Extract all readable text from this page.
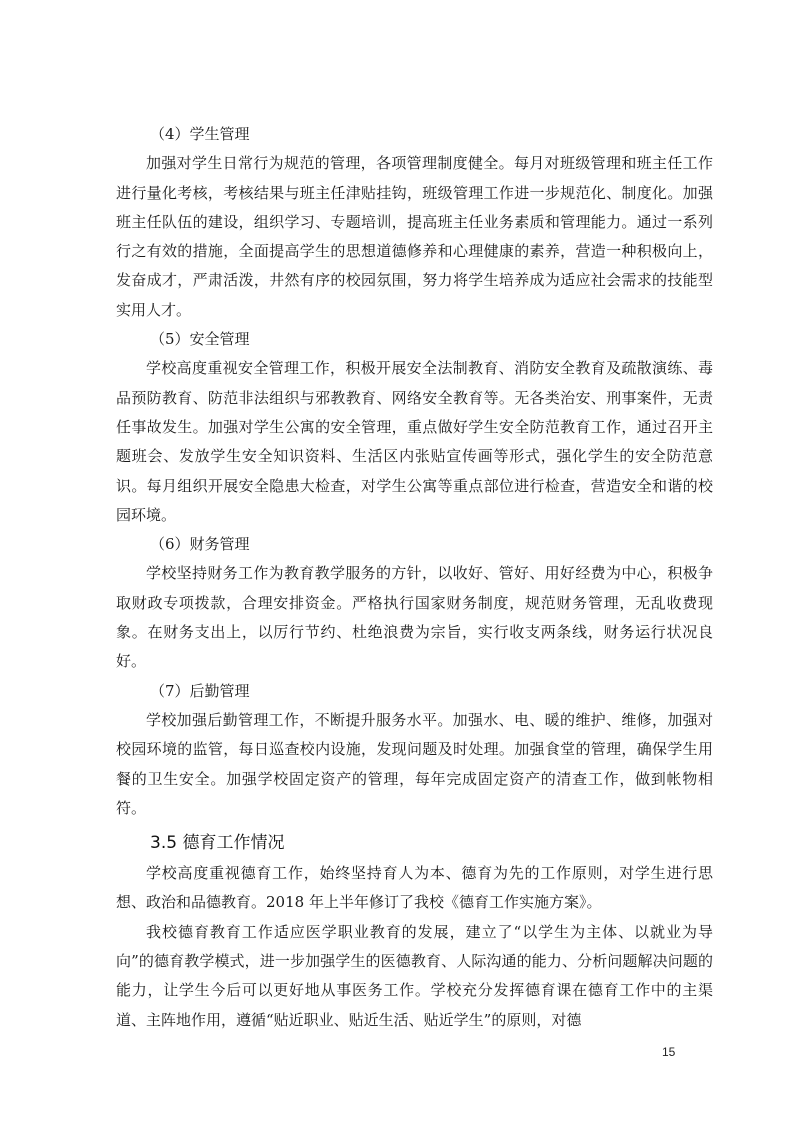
（4）学生管理

加强对学生日常行为规范的管理，各项管理制度健全。每月对班级管理和班主任工作进行量化考核，考核结果与班主任津贴挂钩，班级管理工作进一步规范化、制度化。加强班主任队伍的建设，组织学习、专题培训，提高班主任业务素质和管理能力。通过一系列行之有效的措施，全面提高学生的思想道德修养和心理健康的素养，营造一种积极向上，发奋成才，严肃活泼，井然有序的校园氛围，努力将学生培养成为适应社会需求的技能型实用人才。

（5）安全管理

学校高度重视安全管理工作，积极开展安全法制教育、消防安全教育及疏散演练、毒品预防教育、防范非法组织与邪教教育、网络安全教育等。无各类治安、刑事案件，无责任事故发生。加强对学生公寓的安全管理，重点做好学生安全防范教育工作，通过召开主题班会、发放学生安全知识资料、生活区内张贴宣传画等形式，强化学生的安全防范意识。每月组织开展安全隐患大检查，对学生公寓等重点部位进行检查，营造安全和谐的校园环境。

（6）财务管理

学校坚持财务工作为教育教学服务的方针，以收好、管好、用好经费为中心，积极争取财政专项拨款，合理安排资金。严格执行国家财务制度，规范财务管理，无乱收费现象。在财务支出上，以厉行节约、杜绝浪费为宗旨，实行收支两条线，财务运行状况良好。

（7）后勤管理

学校加强后勤管理工作，不断提升服务水平。加强水、电、暖的维护、维修，加强对校园环境的监管，每日巡查校内设施，发现问题及时处理。加强食堂的管理，确保学生用餐的卫生安全。加强学校固定资产的管理，每年完成固定资产的清查工作，做到帐物相符。

3.5 德育工作情况

学校高度重视德育工作，始终坚持育人为本、德育为先的工作原则，对学生进行思想、政治和品德教育。2018 年上半年修订了我校《德育工作实施方案》。

我校德育教育工作适应医学职业教育的发展，建立了“以学生为主体、以就业为导向”的德育教学模式，进一步加强学生的医德教育、人际沟通的能力、分析问题解决问题的能力，让学生今后可以更好地从事医务工作。学校充分发挥德育课在德育工作中的主渠道、主阵地作用，遵循“贴近职业、贴近生活、贴近学生”的原则，对德

15
